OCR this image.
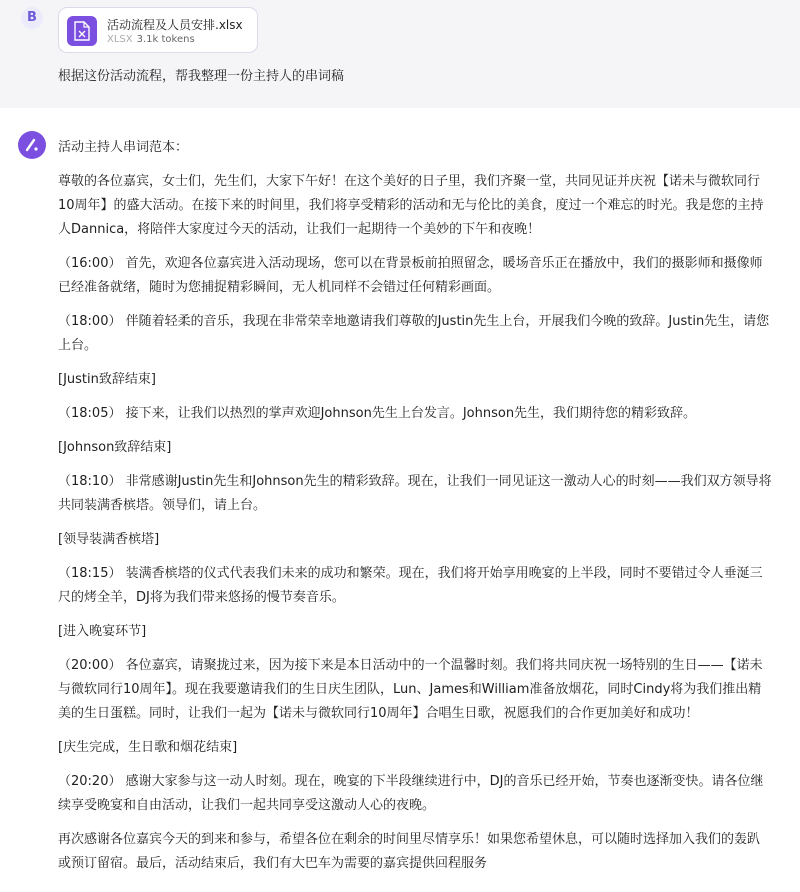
B	活动流程及人员安排.xlsx
XLSX 3.1k tokens
根据这份活动流程，帮我整理一份主持人的串词稿

活动主持人串词范本：

尊敬的各位嘉宾，女士们，先生们，大家下午好！在这个美好的日子里，我们齐聚一堂，共同见证并庆祝【诺未与微软同行10周年】的盛大活动。在接下来的时间里，我们将享受精彩的活动和无与伦比的美食，度过一个难忘的时光。我是您的主持人Dannica，将陪伴大家度过今天的活动，让我们一起期待一个美妙的下午和夜晚！

（16:00） 首先，欢迎各位嘉宾进入活动现场，您可以在背景板前拍照留念，暖场音乐正在播放中，我们的摄影师和摄像师已经准备就绪，随时为您捕捉精彩瞬间，无人机同样不会错过任何精彩画面。

（18:00） 伴随着轻柔的音乐，我现在非常荣幸地邀请我们尊敬的Justin先生上台，开展我们今晚的致辞。Justin先生，请您上台。

[Justin致辞结束]

（18:05） 接下来，让我们以热烈的掌声欢迎Johnson先生上台发言。Johnson先生，我们期待您的精彩致辞。

[Johnson致辞结束]

（18:10） 非常感谢Justin先生和Johnson先生的精彩致辞。现在，让我们一同见证这一激动人心的时刻——我们双方领导将共同装满香槟塔。领导们，请上台。

[领导装满香槟塔]

（18:15） 装满香槟塔的仪式代表我们未来的成功和繁荣。现在，我们将开始享用晚宴的上半段，同时不要错过令人垂涎三尺的烤全羊，DJ将为我们带来悠扬的慢节奏音乐。

[进入晚宴环节]

（20:00） 各位嘉宾，请聚拢过来，因为接下来是本日活动中的一个温馨时刻。我们将共同庆祝一场特别的生日——【诺未与微软同行10周年】。现在我要邀请我们的生日庆生团队，Lun、James和William准备放烟花，同时Cindy将为我们推出精美的生日蛋糕。同时，让我们一起为【诺未与微软同行10周年】合唱生日歌，祝愿我们的合作更加美好和成功！

[庆生完成，生日歌和烟花结束]

（20:20） 感谢大家参与这一动人时刻。现在，晚宴的下半段继续进行中，DJ的音乐已经开始，节奏也逐渐变快。请各位继续享受晚宴和自由活动，让我们一起共同享受这激动人心的夜晚。

再次感谢各位嘉宾今天的到来和参与，希望各位在剩余的时间里尽情享乐！如果您希望休息，可以随时选择加入我们的轰趴或预订留宿。最后，活动结束后，我们有大巴车为需要的嘉宾提供回程服务
